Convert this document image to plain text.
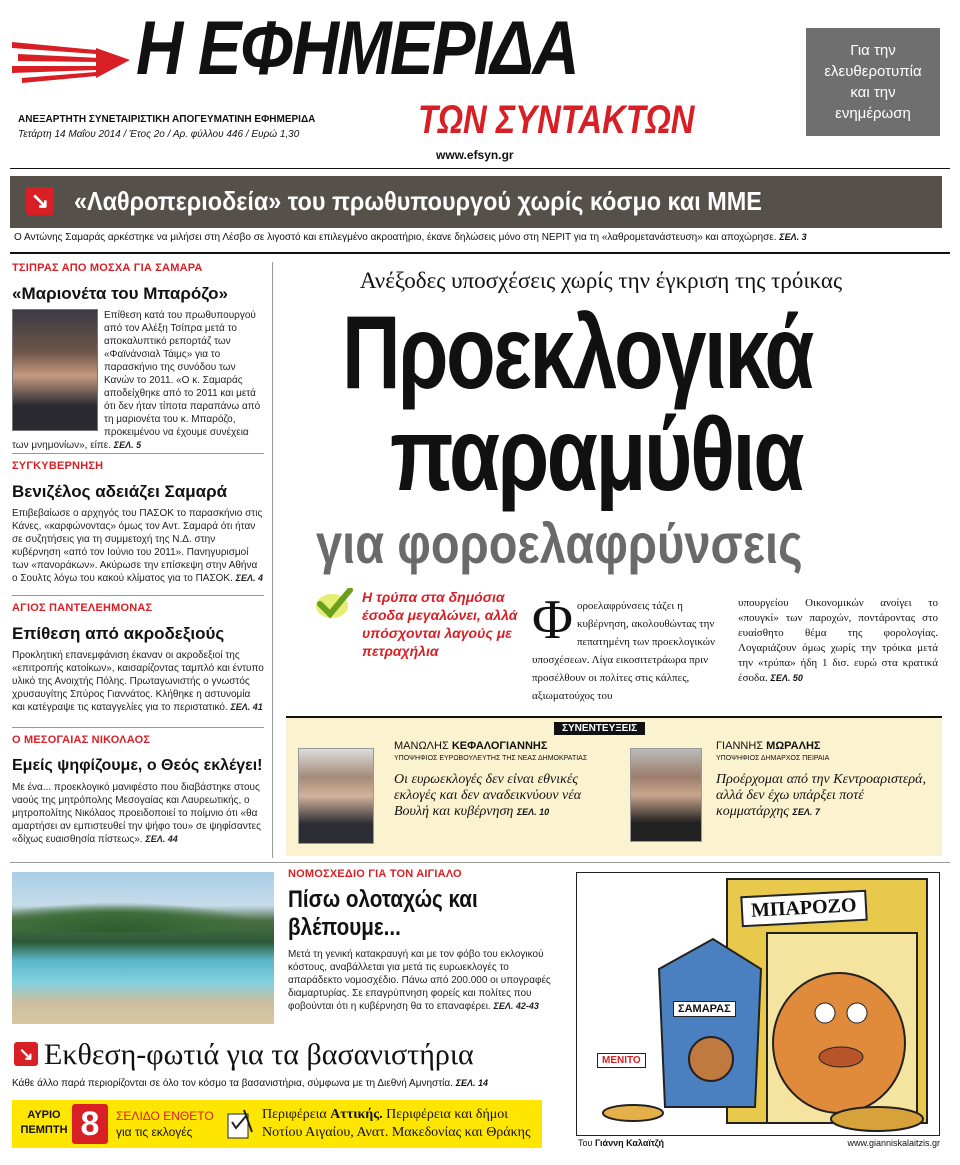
Η ΕΦΗΜΕΡΙΔΑ
ΤΩΝ ΣΥΝΤΑΚΤΩΝ
ΑΝΕΞΑΡΤΗΤΗ ΣΥΝΕΤΑΙΡΙΣΤΙΚΗ ΑΠΟΓΕΥΜΑΤΙΝΗ ΕΦΗΜΕΡΙΔΑ
Τετάρτη 14 Μαΐου 2014 / Έτος 2ο / Αρ. φύλλου 446 / Ευρώ 1,30
www.efsyn.gr
Για την ελευθεροτυπία και την ενημέρωση
↘ «Λαθροπεριοδεία» του πρωθυπουργού χωρίς κόσμο και ΜΜΕ
Ο Αντώνης Σαμαράς αρκέστηκε να μιλήσει στη Λέσβο σε λιγοστό και επιλεγμένο ακροατήριο, έκανε δηλώσεις μόνο στη ΝΕΡΙΤ για τη «λαθρομετανάστευση» και αποχώρησε. ΣΕΛ. 3
ΤΣΙΠΡΑΣ ΑΠΟ ΜΟΣΧΑ ΓΙΑ ΣΑΜΑΡΑ
«Μαριονέτα του Μπαρόζο»
Επίθεση κατά του πρωθυπουργού από τον Αλέξη Τσίπρα μετά το αποκαλυπτικό ρεπορτάζ των «Φαϊνάνσιαλ Τάιμς» για το παρασκήνιο της συνόδου των Κανών το 2011. «Ο κ. Σαμαράς αποδείχθηκε από το 2011 και μετά ότι δεν ήταν τίποτα παραπάνω από τη μαριονέτα του κ. Μπαρόζο, προκειμένου να έχουμε συνέχεια των μνημονίων», είπε. ΣΕΛ. 5
ΣΥΓΚΥΒΕΡΝΗΣΗ
Βενιζέλος αδειάζει Σαμαρά
Επιβεβαίωσε ο αρχηγός του ΠΑΣΟΚ το παρασκήνιο στις Κάνες, «καρφώνοντας» όμως τον Αντ. Σαμαρά ότι ήταν σε συζητήσεις για τη συμμετοχή της Ν.Δ. στην κυβέρνηση «από τον Ιούνιο του 2011». Πανηγυρισμοί των «πανοράκων». Ακύρωσε την επίσκεψη στην Αθήνα ο Σουλτς λόγω του κακού κλίματος για το ΠΑΣΟΚ. ΣΕΛ. 4
ΑΓΙΟΣ ΠΑΝΤΕΛΕΗΜΟΝΑΣ
Επίθεση από ακροδεξιούς
Προκλητική επανεμφάνιση έκαναν οι ακροδεξιοί της «επιτροπής κατοίκων», καισαρίζοντας ταμπλό και έντυπο υλικό της Ανοιχτής Πόλης. Πρωταγωνιστής ο γνωστός χρυσαυγίτης Σπύρος Γιαννάτος. Κλήθηκε η αστυνομία και κατέγραψε τις καταγγελίες για το περιστατικό. ΣΕΛ. 41
Ο ΜΕΣΟΓΑΙΑΣ ΝΙΚΟΛΑΟΣ
Εμείς ψηφίζουμε, ο Θεός εκλέγει!
Με ένα... προεκλογικό μανιφέστο που διαβάστηκε στους ναούς της μητρόπολης Μεσογαίας και Λαυρεωτικής, ο μητροπολίτης Νικόλαος προειδοποιεί το ποίμνιο ότι «θα αμαρτήσει αν εμπιστευθεί την ψήφο του» σε ψηφίσαντες «δίχως ευαισθησία πίστεως». ΣΕΛ. 44
Ανέξοδες υποσχέσεις χωρίς την έγκριση της τρόικας
Προεκλογικά
παραμύθια
για φοροελαφρύνσεις
Η τρύπα στα δημόσια έσοδα μεγαλώνει, αλλά υπόσχονται λαγούς με πετραχήλια	Φ οροελαφρύνσεις τάζει η κυβέρνηση, ακολουθώντας την πεπατημένη των προεκλογικών υποσχέσεων. Λίγα εικοσιτετράωρα πριν προσέλθουν οι πολίτες στις κάλπες, αξιωματούχος του
υπουργείου Οικονομικών ανοίγει το «πουγκί» των παροχών, ποντάροντας στο ευαίσθητο θέμα της φορολογίας. Λογαριάζουν όμως χωρίς την τρόικα μετά την «τρύπα» ήδη 1 δισ. ευρώ στα κρατικά έσοδα. ΣΕΛ. 50
ΣΥΝΕΝΤΕΥΞΕΙΣ
ΜΑΝΩΛΗΣ ΚΕΦΑΛΟΓΙΑΝΝΗΣ
ΥΠΟΨΗΦΙΟΣ ΕΥΡΩΒΟΥΛΕΥΤΗΣ ΤΗΣ ΝΕΑΣ ΔΗΜΟΚΡΑΤΙΑΣ
Οι ευρωεκλογές δεν είναι εθνικές εκλογές και δεν αναδεικνύουν νέα Βουλή και κυβέρνηση ΣΕΛ. 10
ΓΙΑΝΝΗΣ ΜΩΡΑΛΗΣ
ΥΠΟΨΗΦΙΟΣ ΔΗΜΑΡΧΟΣ ΠΕΙΡΑΙΑ
Προέρχομαι από την Κεντροαριστερά, αλλά δεν έχω υπάρξει ποτέ κομματάρχης ΣΕΛ. 7
ΝΟΜΟΣΧΕΔΙΟ ΓΙΑ ΤΟΝ ΑΙΓΙΑΛΟ
Πίσω ολοταχώς και βλέπουμε...
Μετά τη γενική κατακραυγή και με τον φόβο του εκλογικού κόστους, αναβάλλεται για μετά τις ευρωεκλογές το απαράδεκτο νομοσχέδιο. Πάνω από 200.000 οι υπογραφές διαμαρτυρίας. Σε επαγρύπνηση φορείς και πολίτες που φοβούνται ότι η κυβέρνηση θα το επαναφέρει. ΣΕΛ. 42-43
ΜΠΑΡΟΖΟ
ΣΑΜΑΡΑΣ
ΜΕΝΙΤΟ
Του Γιάννη Καλαϊτζή	www.gianniskalaitzis.gr
↘ Εκθεση-φωτιά για τα βασανιστήρια
Κάθε άλλο παρά περιορίζονται σε όλο τον κόσμο τα βασανιστήρια, σύμφωνα με τη Διεθνή Αμνηστία. ΣΕΛ. 14
ΑΥΡΙΟ
ΠΕΜΠΤΗ 8	ΣΕΛΙΔΟ ΕΝΘΕΤΟ
για τις εκλογές
Περιφέρεια Αττικής. Περιφέρεια και δήμοι
Νοτίου Αιγαίου, Ανατ. Μακεδονίας και Θράκης
